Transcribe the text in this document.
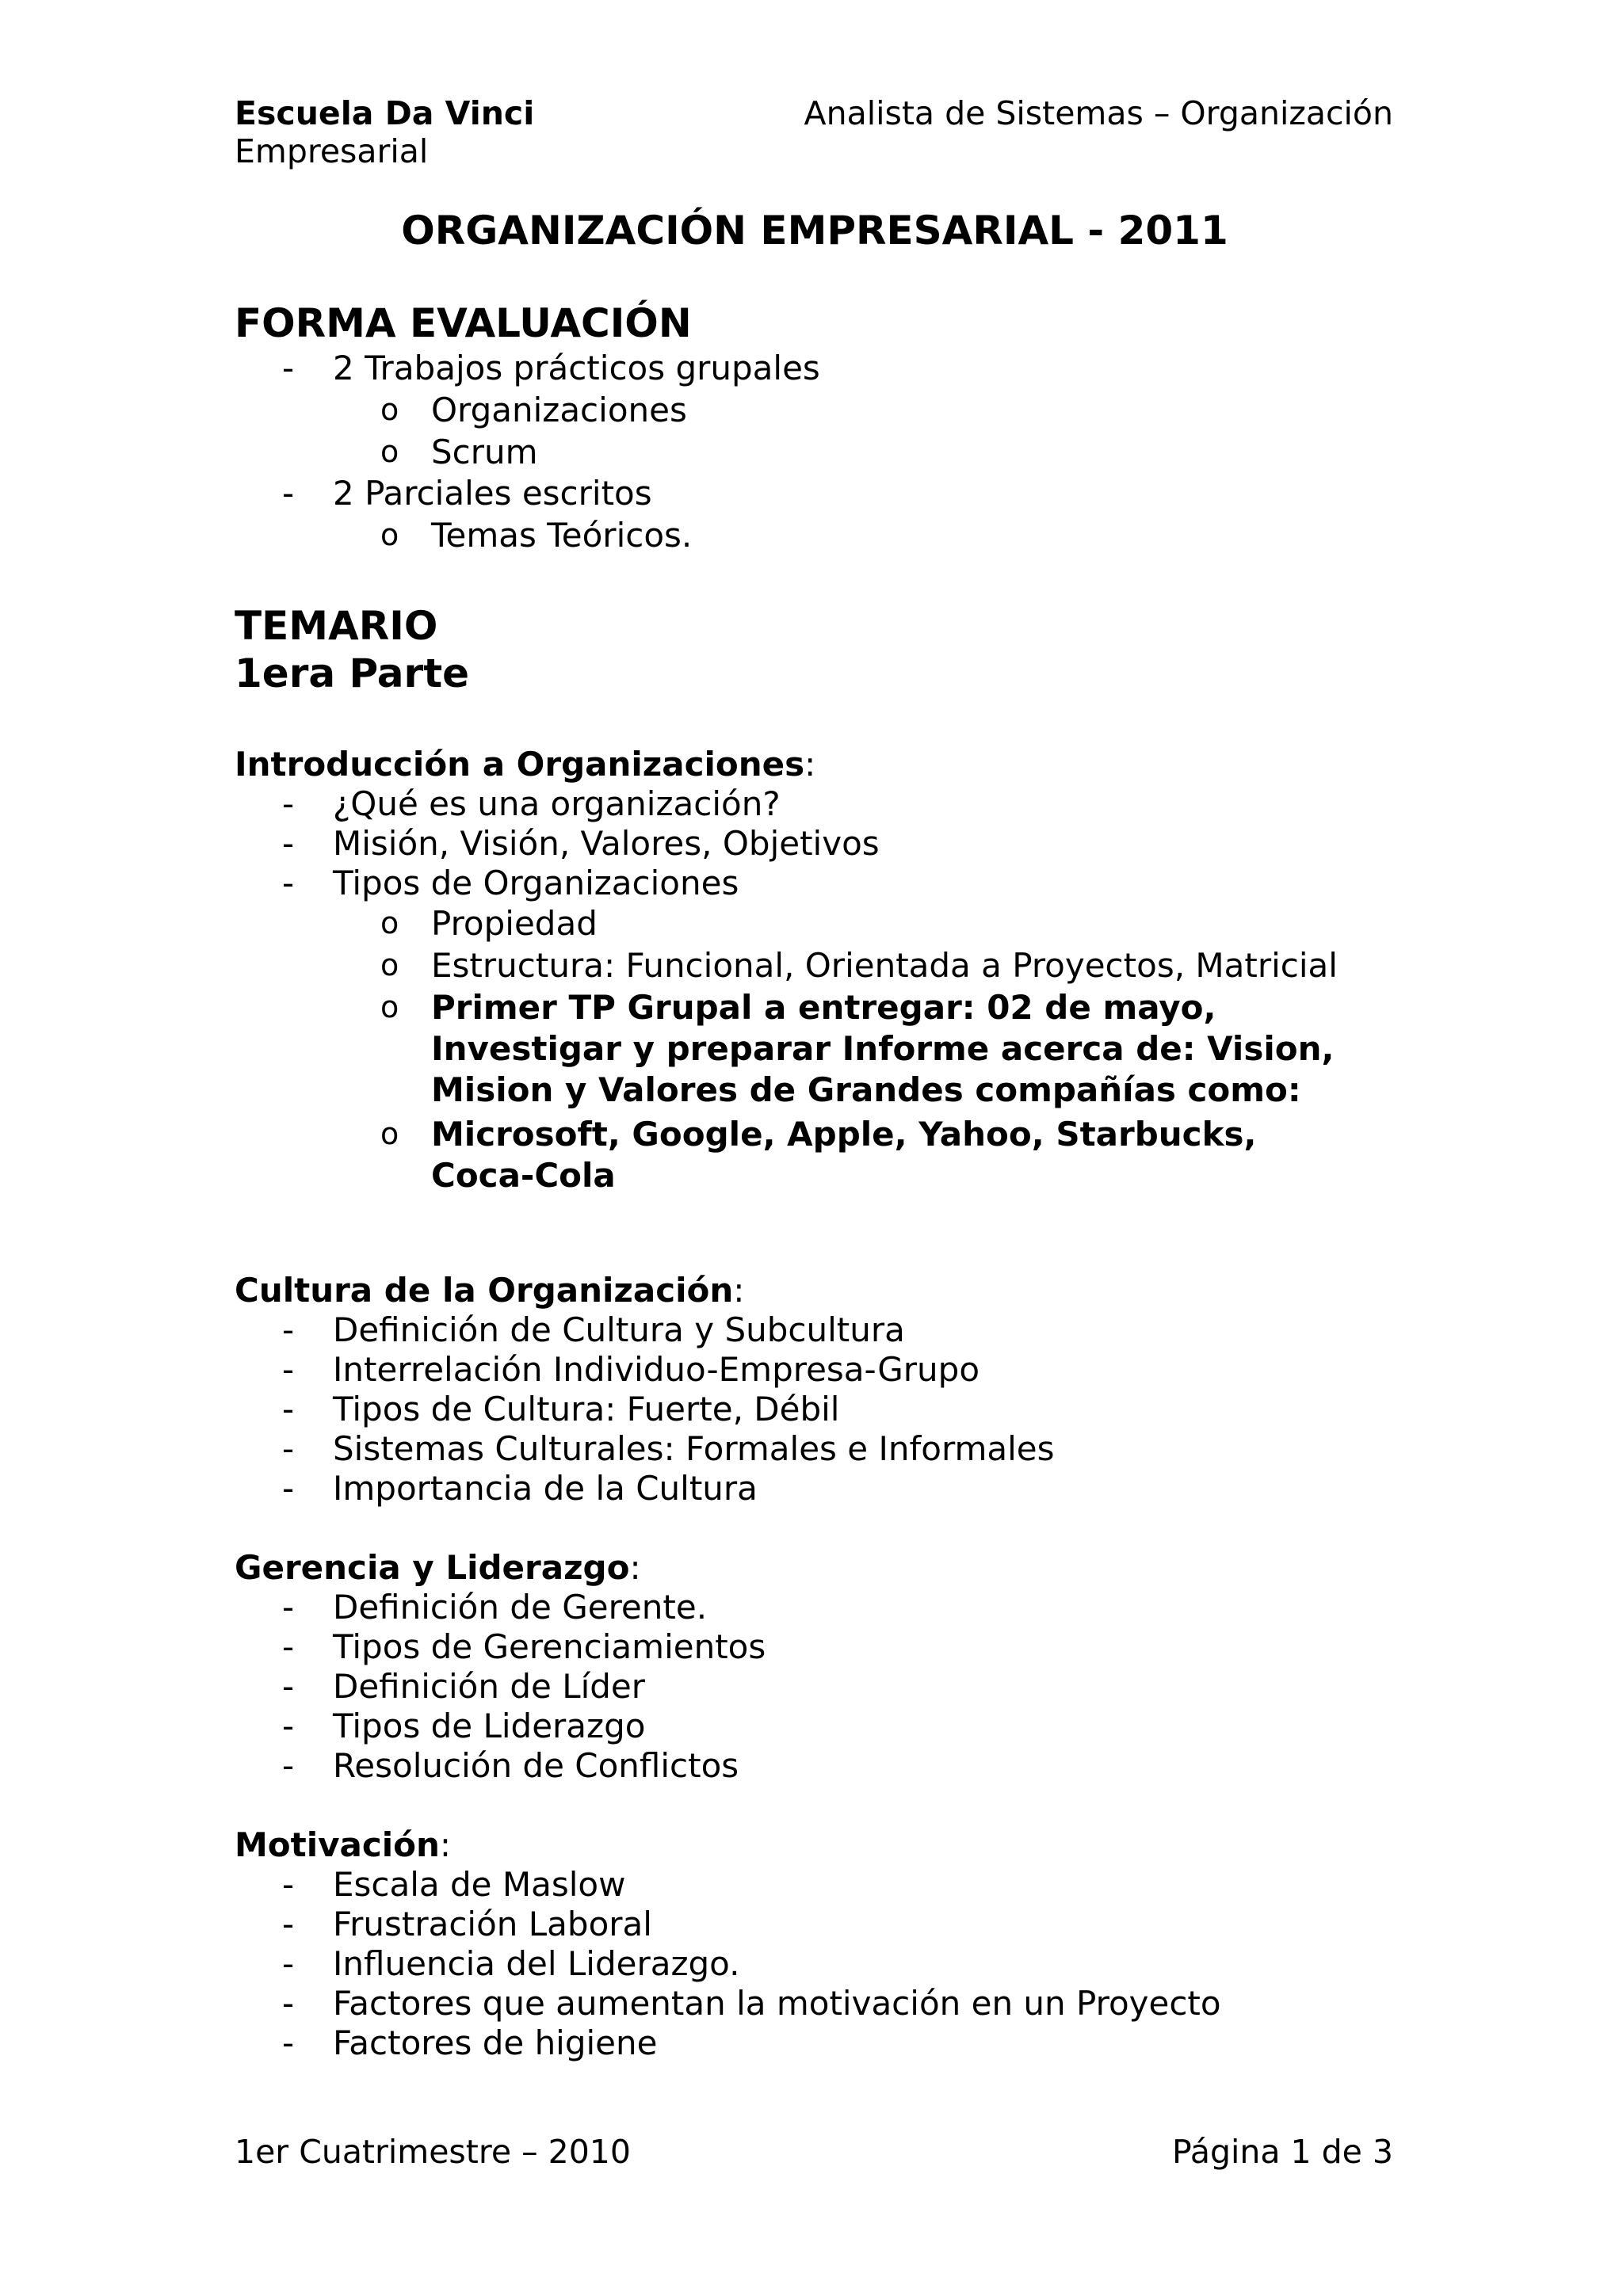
Escuela Da Vinci
Empresarial
Analista de Sistemas – Organización
ORGANIZACIÓN EMPRESARIAL - 2011
FORMA EVALUACIÓN
- 2 Trabajos prácticos grupales
o Organizaciones
o Scrum
- 2 Parciales escritos
o Temas Teóricos.
TEMARIO
1era Parte
Introducción a Organizaciones:
- ¿Qué es una organización?
- Misión, Visión, Valores, Objetivos
- Tipos de Organizaciones
o Propiedad
o Estructura: Funcional, Orientada a Proyectos, Matricial
o Primer TP Grupal a entregar: 02 de mayo, Investigar y preparar Informe acerca de: Vision, Mision y Valores de Grandes compañías como:
o Microsoft, Google, Apple, Yahoo, Starbucks, Coca-Cola
Cultura de la Organización:
- Definición de Cultura y Subcultura
- Interrelación Individuo-Empresa-Grupo
- Tipos de Cultura: Fuerte, Débil
- Sistemas Culturales: Formales e Informales
- Importancia de la Cultura
Gerencia y Liderazgo:
- Definición de Gerente.
- Tipos de Gerenciamientos
- Definición de Líder
- Tipos de Liderazgo
- Resolución de Conflictos
Motivación:
- Escala de Maslow
- Frustración Laboral
- Influencia del Liderazgo.
- Factores que aumentan la motivación en un Proyecto
- Factores de higiene
1er Cuatrimestre – 2010	Página 1 de 3
